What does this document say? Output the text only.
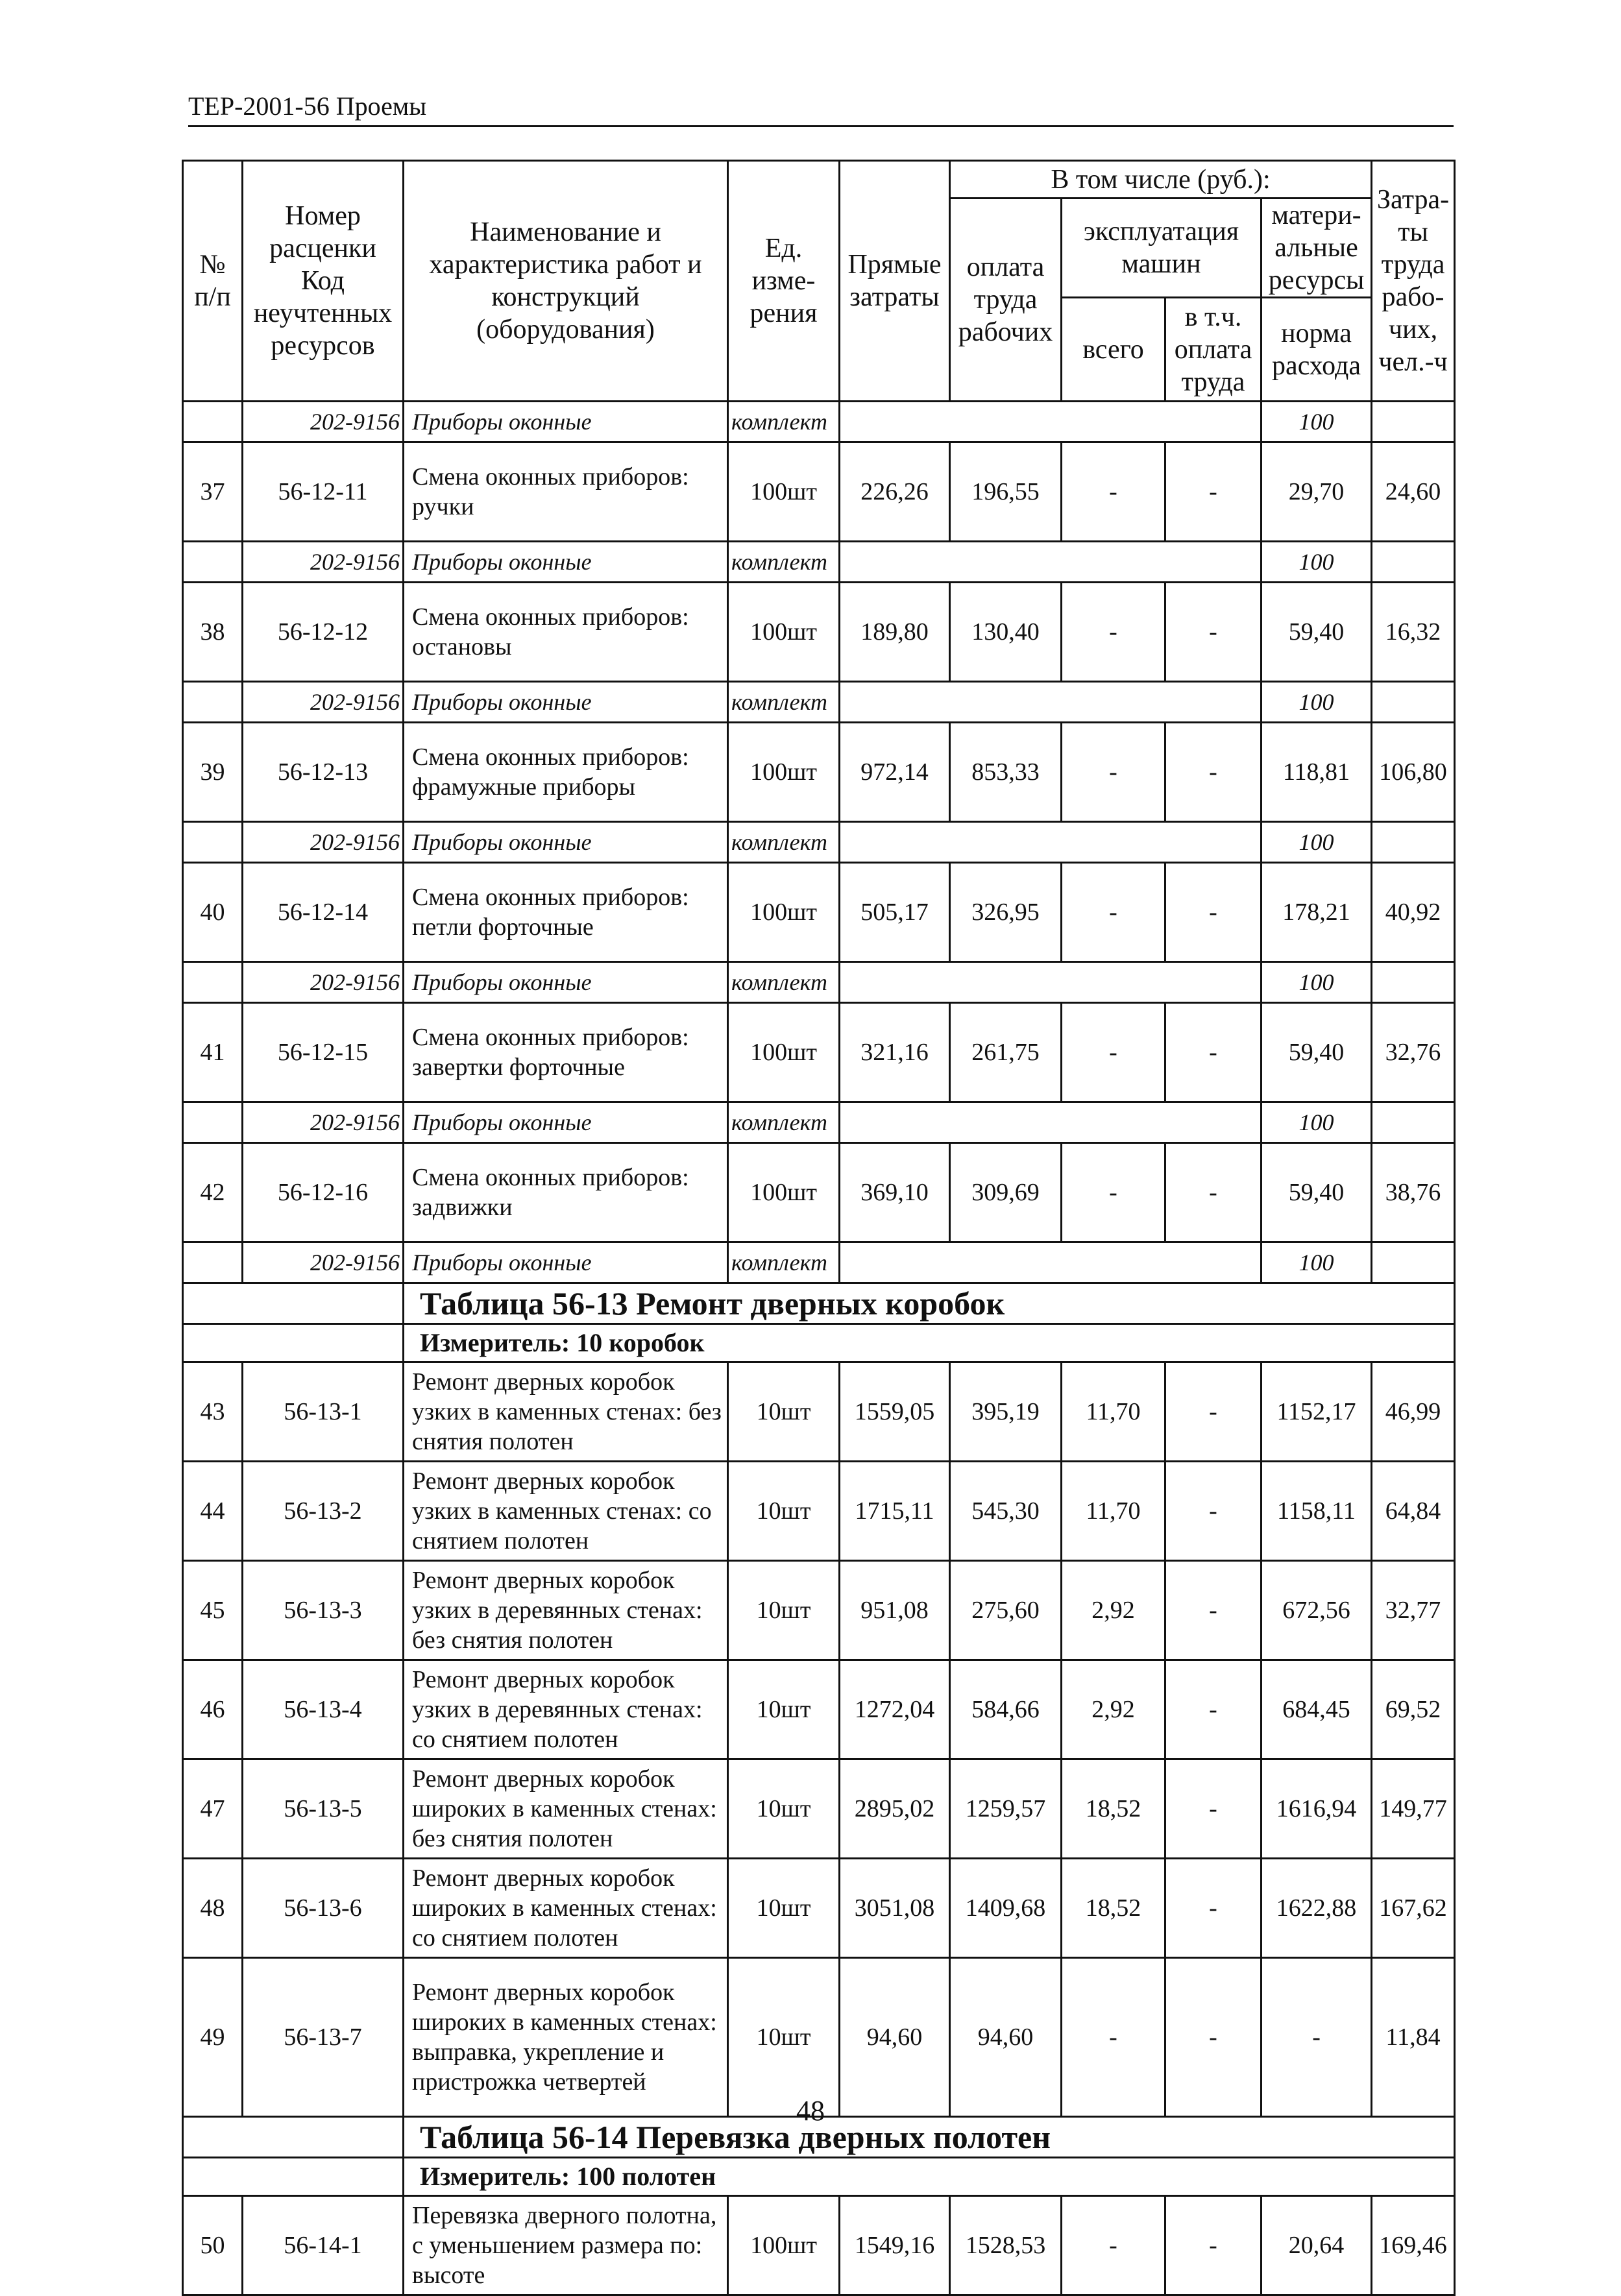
ТЕР-2001-56 Проемы
№ п/п	Номер расценки Код неучтенных ресурсов	Наименование и характеристика работ и конструкций (оборудования)	Ед. изме-рения	Прямые затраты	В том числе (руб.):				Затра-ты труда рабо-чих, чел.-ч
					оплата труда рабочих	эксплуатация машин		матери-альные ресурсы	
						всего	в т.ч. оплата труда	норма расхода	

	202-9156	Приборы оконные	комплект					100	
37	56-12-11	Смена оконных приборов: ручки	100шт	226,26	196,55	-	-	29,70	24,60
	202-9156	Приборы оконные	комплект					100	
38	56-12-12	Смена оконных приборов: остановы	100шт	189,80	130,40	-	-	59,40	16,32
	202-9156	Приборы оконные	комплект					100	
39	56-12-13	Смена оконных приборов: фрамужные приборы	100шт	972,14	853,33	-	-	118,81	106,80
	202-9156	Приборы оконные	комплект					100	
40	56-12-14	Смена оконных приборов: петли форточные	100шт	505,17	326,95	-	-	178,21	40,92
	202-9156	Приборы оконные	комплект					100	
41	56-12-15	Смена оконных приборов: завертки форточные	100шт	321,16	261,75	-	-	59,40	32,76
	202-9156	Приборы оконные	комплект					100	
42	56-12-16	Смена оконных приборов: задвижки	100шт	369,10	309,69	-	-	59,40	38,76
	202-9156	Приборы оконные	комплект					100	
		Таблица 56-13 Ремонт дверных коробок							
		Измеритель: 10 коробок							
43	56-13-1	Ремонт дверных коробок узких в каменных стенах: без снятия полотен	10шт	1559,05	395,19	11,70	-	1152,17	46,99
44	56-13-2	Ремонт дверных коробок узких в каменных стенах: со снятием полотен	10шт	1715,11	545,30	11,70	-	1158,11	64,84
45	56-13-3	Ремонт дверных коробок узких в деревянных стенах: без снятия полотен	10шт	951,08	275,60	2,92	-	672,56	32,77
46	56-13-4	Ремонт дверных коробок узких в деревянных стенах: со снятием полотен	10шт	1272,04	584,66	2,92	-	684,45	69,52
47	56-13-5	Ремонт дверных коробок широких в каменных стенах: без снятия полотен	10шт	2895,02	1259,57	18,52	-	1616,94	149,77
48	56-13-6	Ремонт дверных коробок широких в каменных стенах: со снятием полотен	10шт	3051,08	1409,68	18,52	-	1622,88	167,62
49	56-13-7	Ремонт дверных коробок широких в каменных стенах: выправка, укрепление и пристрожка четвертей	10шт	94,60	94,60	-	-	-	11,84
		Таблица 56-14 Перевязка дверных полотен							
		Измеритель: 100 полотен							
50	56-14-1	Перевязка дверного полотна, с уменьшением размера по: высоте	100шт	1549,16	1528,53	-	-	20,64	169,46
48
